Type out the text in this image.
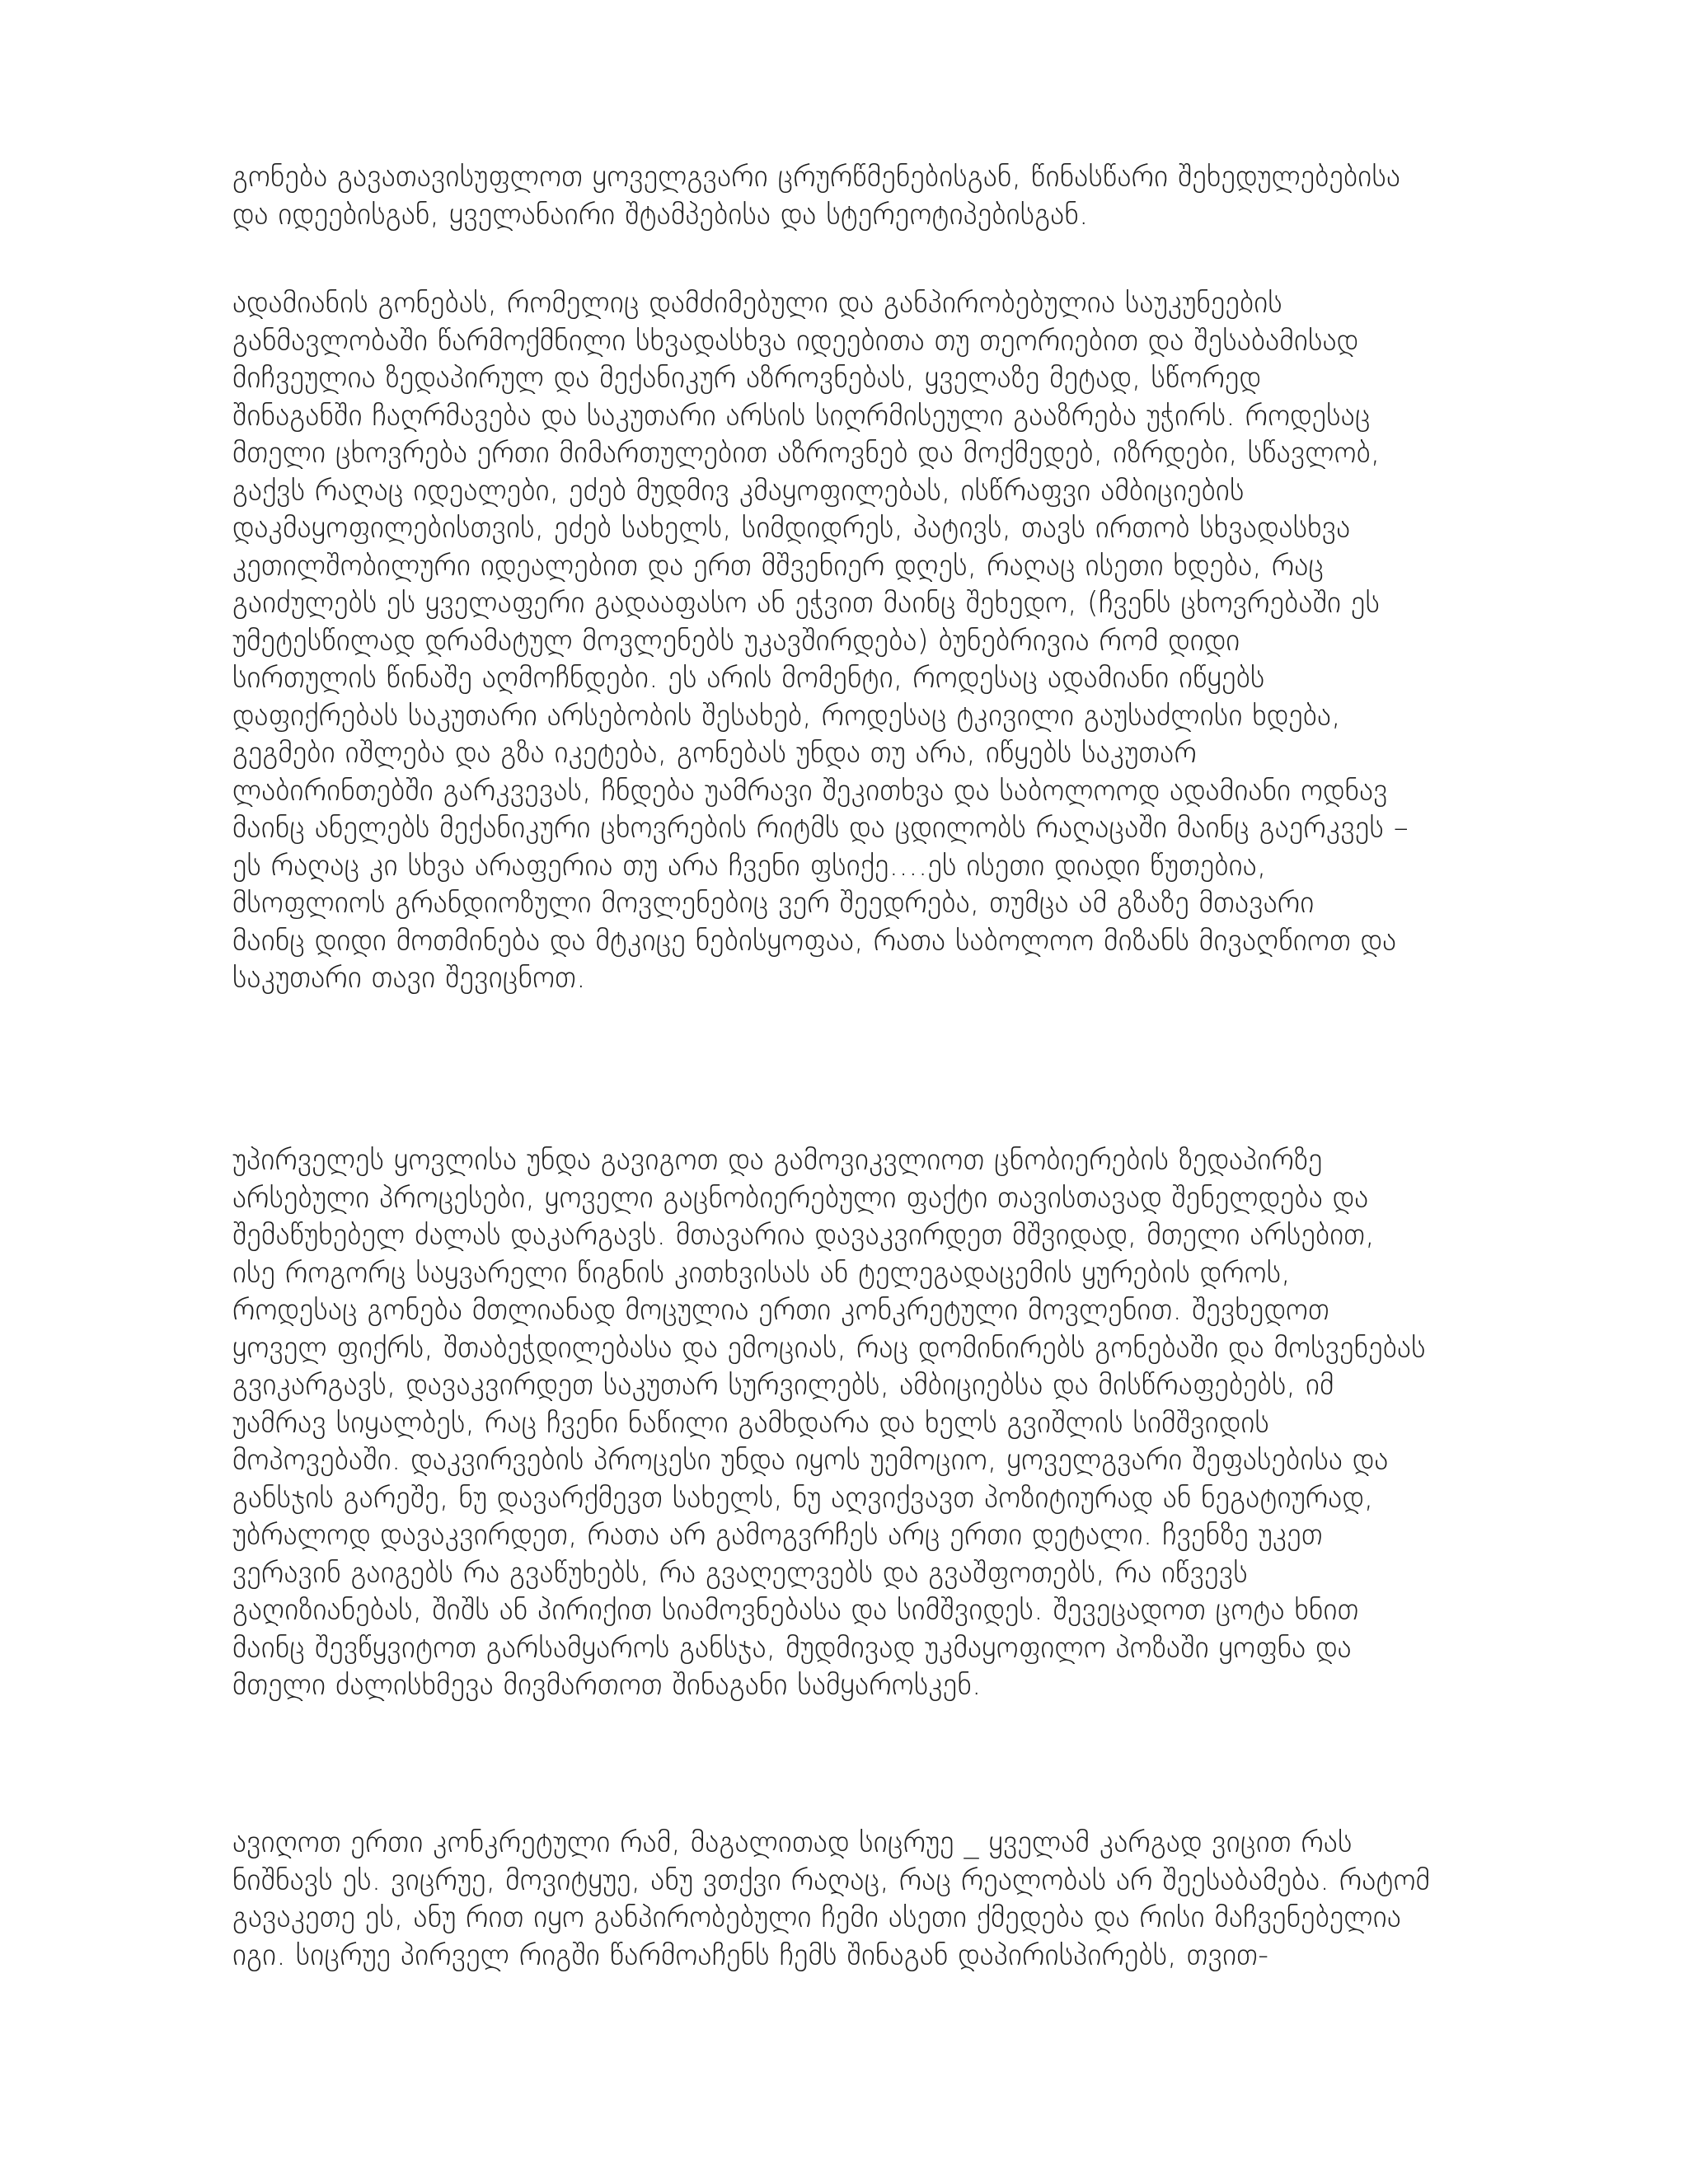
გონება გავათავისუფლოთ ყოველგვარი ცრურწმენებისგან, წინასწარი შეხედულებებისა
და იდეებისგან, ყველანაირი შტამპებისა და სტერეოტიპებისგან.
ადამიანის გონებას, რომელიც დამძიმებული და განპირობებულია საუკუნეების
განმავლობაში წარმოქმნილი სხვადასხვა იდეებითა თუ თეორიებით და შესაბამისად
მიჩვეულია ზედაპირულ და მექანიკურ აზროვნებას, ყველაზე მეტად, სწორედ
შინაგანში ჩაღრმავება და საკუთარი არსის სიღრმისეული გააზრება უჭირს. როდესაც
მთელი ცხოვრება ერთი მიმართულებით აზროვნებ და მოქმედებ, იზრდები, სწავლობ,
გაქვს რაღაც იდეალები, ეძებ მუდმივ კმაყოფილებას, ისწრაფვი ამბიციების
დაკმაყოფილებისთვის, ეძებ სახელს, სიმდიდრეს, პატივს, თავს ირთობ სხვადასხვა
კეთილშობილური იდეალებით და ერთ მშვენიერ დღეს, რაღაც ისეთი ხდება, რაც
გაიძულებს ეს ყველაფერი გადააფასო ან ეჭვით მაინც შეხედო, (ჩვენს ცხოვრებაში ეს
უმეტესწილად დრამატულ მოვლენებს უკავშირდება) ბუნებრივია რომ დიდი
სირთულის წინაშე აღმოჩნდები. ეს არის მომენტი, როდესაც ადამიანი იწყებს
დაფიქრებას საკუთარი არსებობის შესახებ, როდესაც ტკივილი გაუსაძლისი ხდება,
გეგმები იშლება და გზა იკეტება, გონებას უნდა თუ არა, იწყებს საკუთარ
ლაბირინთებში გარკვევას, ჩნდება უამრავი შეკითხვა და საბოლოოდ ადამიანი ოდნავ
მაინც ანელებს მექანიკური ცხოვრების რიტმს და ცდილობს რაღაცაში მაინც გაერკვეს –
ეს რაღაც კი სხვა არაფერია თუ არა ჩვენი ფსიქე....ეს ისეთი დიადი წუთებია,
მსოფლიოს გრანდიოზული მოვლენებიც ვერ შეედრება, თუმცა ამ გზაზე მთავარი
მაინც დიდი მოთმინება და მტკიცე ნებისყოფაა, რათა საბოლოო მიზანს მივაღწიოთ და
საკუთარი თავი შევიცნოთ.
უპირველეს ყოვლისა უნდა გავიგოთ და გამოვიკვლიოთ ცნობიერების ზედაპირზე
არსებული პროცესები, ყოველი გაცნობიერებული ფაქტი თავისთავად შენელდება და
შემაწუხებელ ძალას დაკარგავს. მთავარია დავაკვირდეთ მშვიდად, მთელი არსებით,
ისე როგორც საყვარელი წიგნის კითხვისას ან ტელეგადაცემის ყურების დროს,
როდესაც გონება მთლიანად მოცულია ერთი კონკრეტული მოვლენით. შევხედოთ
ყოველ ფიქრს, შთაბეჭდილებასა და ემოციას, რაც დომინირებს გონებაში და მოსვენებას
გვიკარგავს, დავაკვირდეთ საკუთარ სურვილებს, ამბიციებსა და მისწრაფებებს, იმ
უამრავ სიყალბეს, რაც ჩვენი ნაწილი გამხდარა და ხელს გვიშლის სიმშვიდის
მოპოვებაში. დაკვირვების პროცესი უნდა იყოს უემოციო, ყოველგვარი შეფასებისა და
განსჯის გარეშე, ნუ დავარქმევთ სახელს, ნუ აღვიქვავთ პოზიტიურად ან ნეგატიურად,
უბრალოდ დავაკვირდეთ, რათა არ გამოგვრჩეს არც ერთი დეტალი. ჩვენზე უკეთ
ვერავინ გაიგებს რა გვაწუხებს, რა გვაღელვებს და გვაშფოთებს, რა იწვევს
გაღიზიანებას, შიშს ან პირიქით სიამოვნებასა და სიმშვიდეს. შევეცადოთ ცოტა ხნით
მაინც შევწყვიტოთ გარსამყაროს განსჯა, მუდმივად უკმაყოფილო პოზაში ყოფნა და
მთელი ძალისხმევა მივმართოთ შინაგანი სამყაროსკენ.
ავიღოთ ერთი კონკრეტული რამ, მაგალითად სიცრუე _ ყველამ კარგად ვიცით რას
ნიშნავს ეს. ვიცრუე, მოვიტყუე, ანუ ვთქვი რაღაც, რაც რეალობას არ შეესაბამება. რატომ
გავაკეთე ეს, ანუ რით იყო განპირობებული ჩემი ასეთი ქმედება და რისი მაჩვენებელია
იგი. სიცრუე პირველ რიგში წარმოაჩენს ჩემს შინაგან დაპირისპირებს, თვით-
